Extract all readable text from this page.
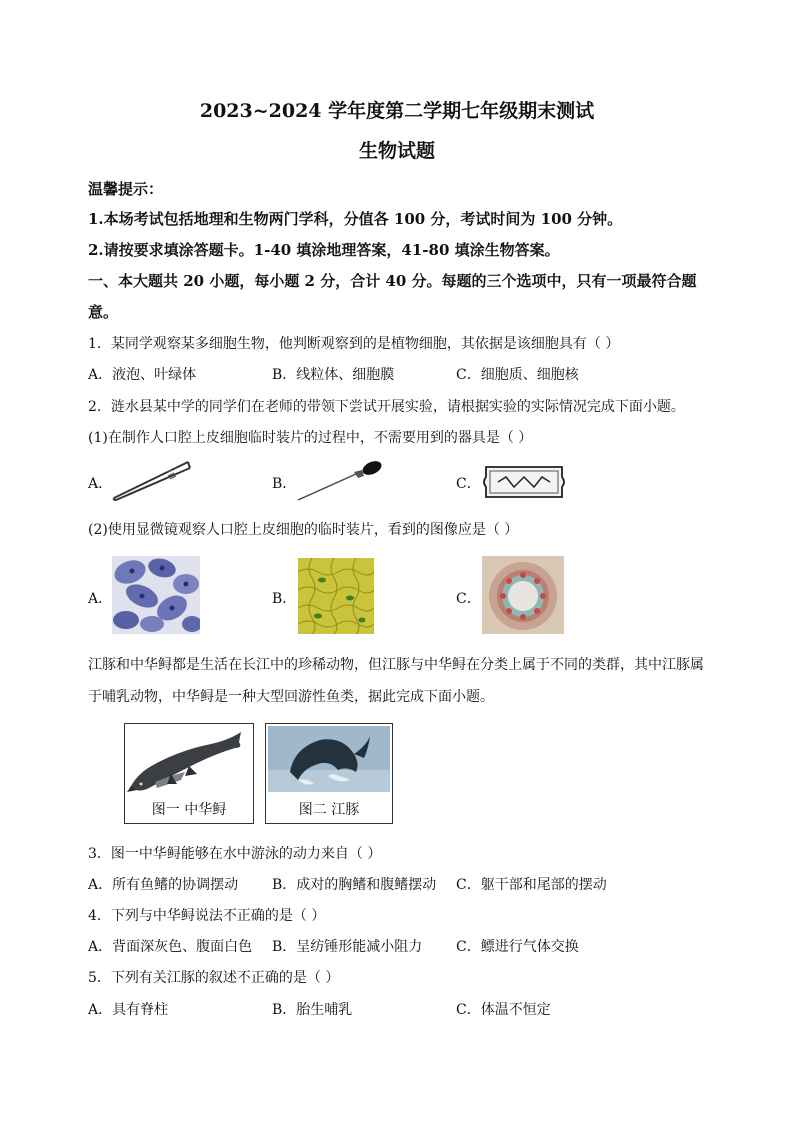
2023~2024 学年度第二学期七年级期末测试
生物试题
温馨提示：
1.本场考试包括地理和生物两门学科，分值各 100 分，考试时间为 100 分钟。
2.请按要求填涂答题卡。1-40 填涂地理答案，41-80 填涂生物答案。
一、本大题共 20 小题，每小题 2 分，合计 40 分。每题的三个选项中，只有一项最符合题
意。
1．某同学观察某多细胞生物，他判断观察到的是植物细胞，其依据是该细胞具有（ ）
A．液泡、叶绿体	B．线粒体、细胞膜	C．细胞质、细胞核
2．涟水县某中学的同学们在老师的带领下尝试开展实验，请根据实验的实际情况完成下面小题。
(1)在制作人口腔上皮细胞临时装片的过程中，不需要用到的器具是（ ）
A．	B．	C．
(2)使用显微镜观察人口腔上皮细胞的临时装片，看到的图像应是（ ）
A．	B．	C．
江豚和中华鲟都是生活在长江中的珍稀动物，但江豚与中华鲟在分类上属于不同的类群，其中江豚属
于哺乳动物，中华鲟是一种大型回游性鱼类，据此完成下面小题。
图一 中华鲟	图二 江豚
3．图一中华鲟能够在水中游泳的动力来自（ ）
A．所有鱼鳍的协调摆动 B．成对的胸鳍和腹鳍摆动 C．躯干部和尾部的摆动
4．下列与中华鲟说法不正确的是（ ）
A．背面深灰色、腹面白色 B．呈纺锤形能减小阻力 C．鳔进行气体交换
5．下列有关江豚的叙述不正确的是（ ）
A．具有脊柱	B．胎生哺乳	C．体温不恒定
